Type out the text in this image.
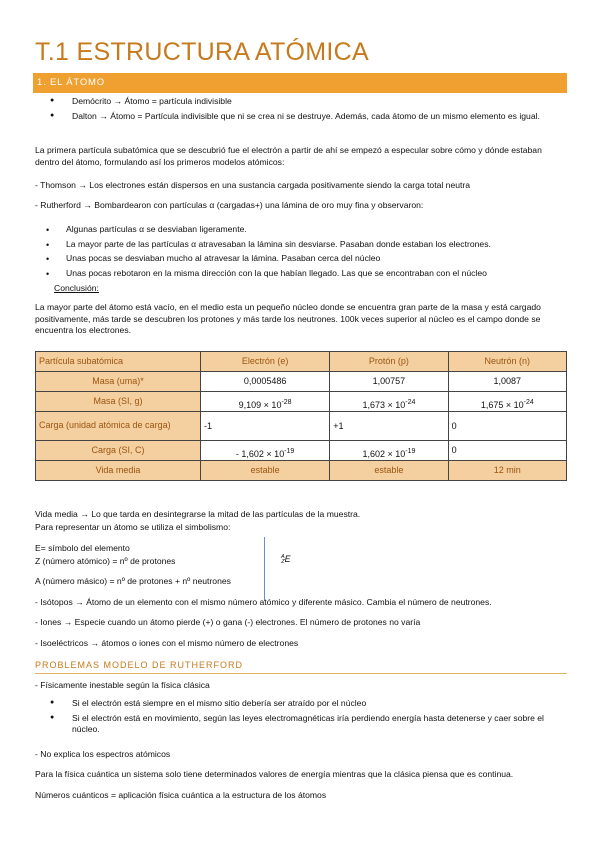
T.1 ESTRUCTURA ATÓMICA
1. EL ÁTOMO
● Demócrito → Átomo = partícula indivisible
● Dalton → Átomo = Partícula indivisible que ni se crea ni se destruye. Además, cada átomo de un mismo elemento es igual.
La primera partícula subatómica que se descubrió fue el electrón a partir de ahí se empezó a especular sobre cómo y dónde estaban dentro del átomo, formulando así los primeros modelos atómicos:
- Thomson → Los electrones están dispersos en una sustancia cargada positivamente siendo la carga total neutra
- Rutherford → Bombardearon con partículas α (cargadas+) una lámina de oro muy fina y observaron:
• Algunas partículas α se desviaban ligeramente.
• La mayor parte de las partículas α atravesaban la lámina sin desviarse. Pasaban donde estaban los electrones.
• Unas pocas se desviaban mucho al atravesar la lámina. Pasaban cerca del núcleo
• Unas pocas rebotaron en la misma dirección con la que habían llegado. Las que se encontraban con el núcleo
Conclusión:
La mayor parte del átomo está vacío, en el medio esta un pequeño núcleo donde se encuentra gran parte de la masa y está cargado positivamente, más tarde se descubren los protones y más tarde los neutrones. 100k veces superior al núcleo es el campo donde se encuentra los electrones.
Partícula subatómica	Electrón (e)	Protón (p)	Neutrón (n)
Masa (uma)*	0,0005486	1,00757	1,0087
Masa (SI, g)	$9,109 \times 10^{-28}$	$1,673 \times 10^{-24}$	$1,675 \times 10^{-24}$
Carga (unidad atómica de carga)	-1	+1	0
Carga (SI, C)	- $1,602 \times 10^{-19}$	$1,602 \times 10^{-19}$	0
Vida media	estable	estable	12 min
Vida media → Lo que tarda en desintegrarse la mitad de las partículas de la muestra.
Para representar un átomo se utiliza el simbolismo:
E= símbolo del elemento
Z (número atómico) = nº de protones
A (número másico) = nº de protones + nº neutrones
A
Z E
- Isótopos → Átomo de un elemento con el mismo número atómico y diferente másico. Cambia el número de neutrones.
- Iones → Especie cuando un átomo pierde (+) o gana (-) electrones. El número de protones no varía
- Isoeléctricos → átomos o iones con el mismo número de electrones
PROBLEMAS MODELO DE RUTHERFORD
- Físicamente inestable según la física clásica
● Si el electrón está siempre en el mismo sitio debería ser atraído por el núcleo
● Si el electrón está en movimiento, según las leyes electromagnéticas iría perdiendo energía hasta detenerse y caer sobre el núcleo.
- No explica los espectros atómicos
Para la física cuántica un sistema solo tiene determinados valores de energía mientras que la clásica piensa que es continua.
Números cuánticos = aplicación física cuántica a la estructura de los átomos
